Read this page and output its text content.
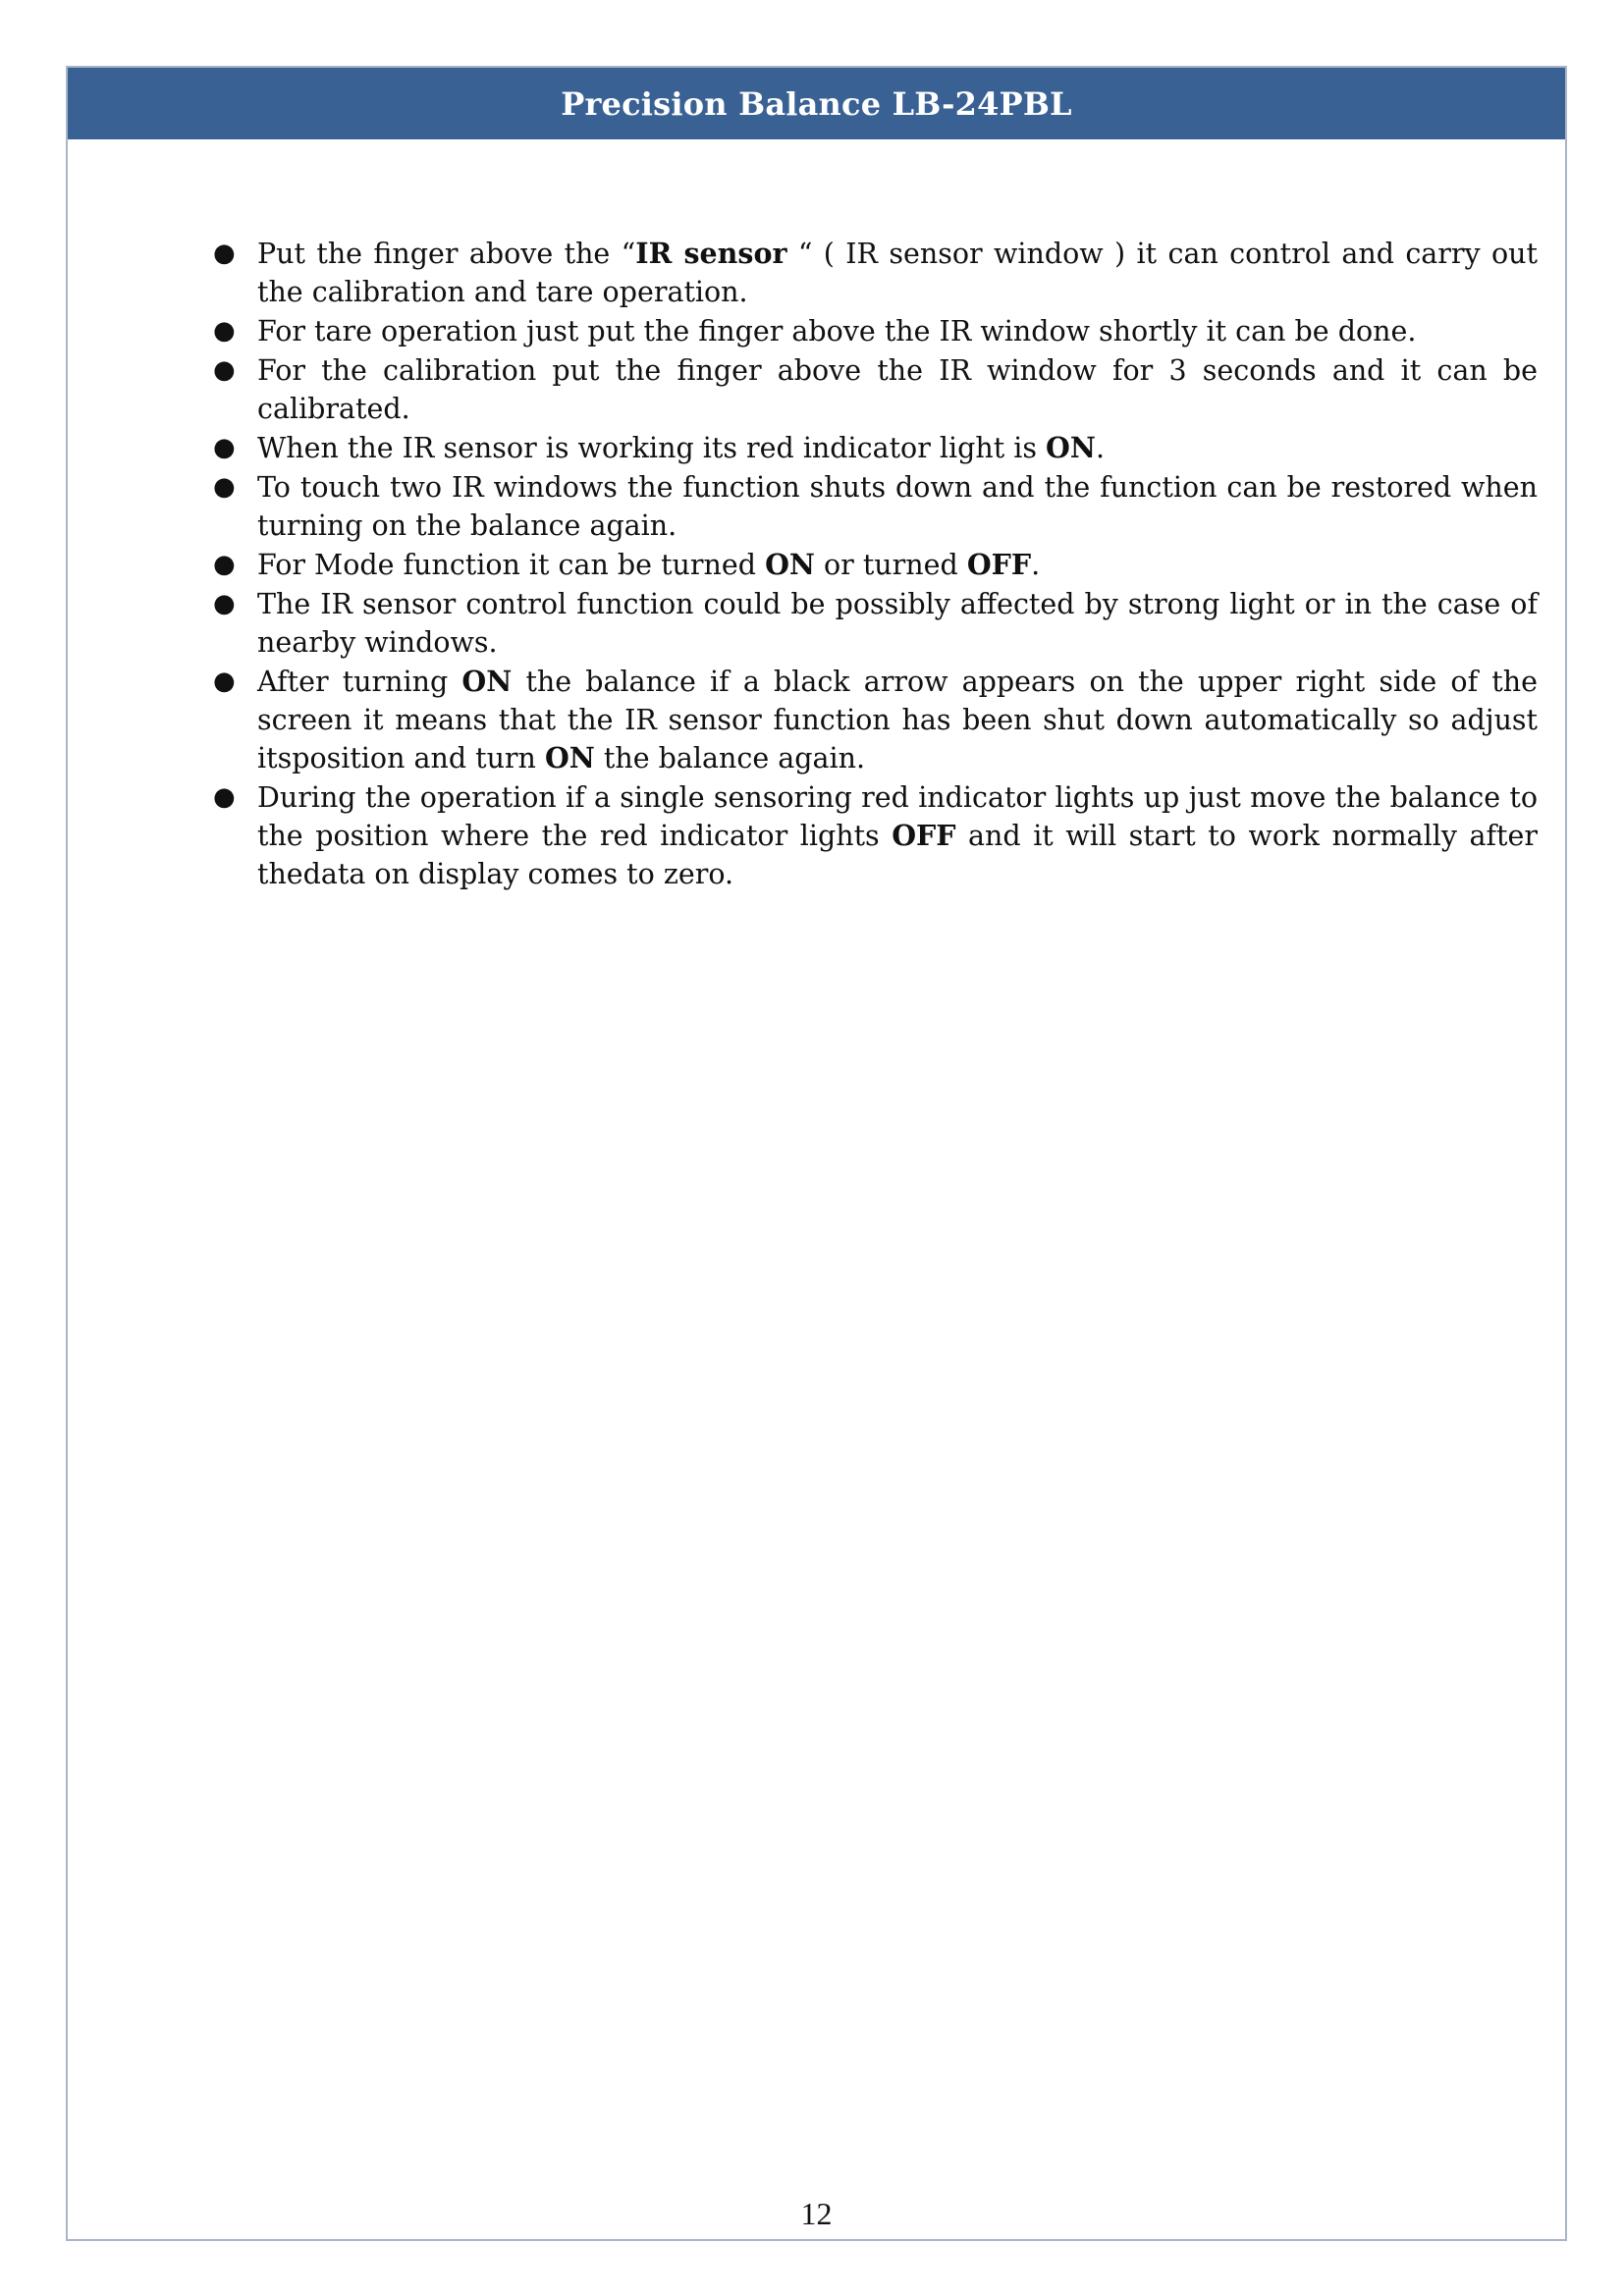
Precision Balance LB-24PBL
● Put the finger above the “IR sensor “ ( IR sensor window ) it can control and carry out the calibration and tare operation.
● For tare operation just put the finger above the IR window shortly it can be done.
● For the calibration put the finger above the IR window for 3 seconds and it can be calibrated.
● When the IR sensor is working its red indicator light is ON.
● To touch two IR windows the function shuts down and the function can be restored when turning on the balance again.
● For Mode function it can be turned ON or turned OFF.
● The IR sensor control function could be possibly affected by strong light or in the case of nearby windows.
● After turning ON the balance if a black arrow appears on the upper right side of the screen it means that the IR sensor function has been shut down automatically so adjust itsposition and turn ON the balance again.
● During the operation if a single sensoring red indicator lights up just move the balance to the position where the red indicator lights OFF and it will start to work normally after thedata on display comes to zero.
12
